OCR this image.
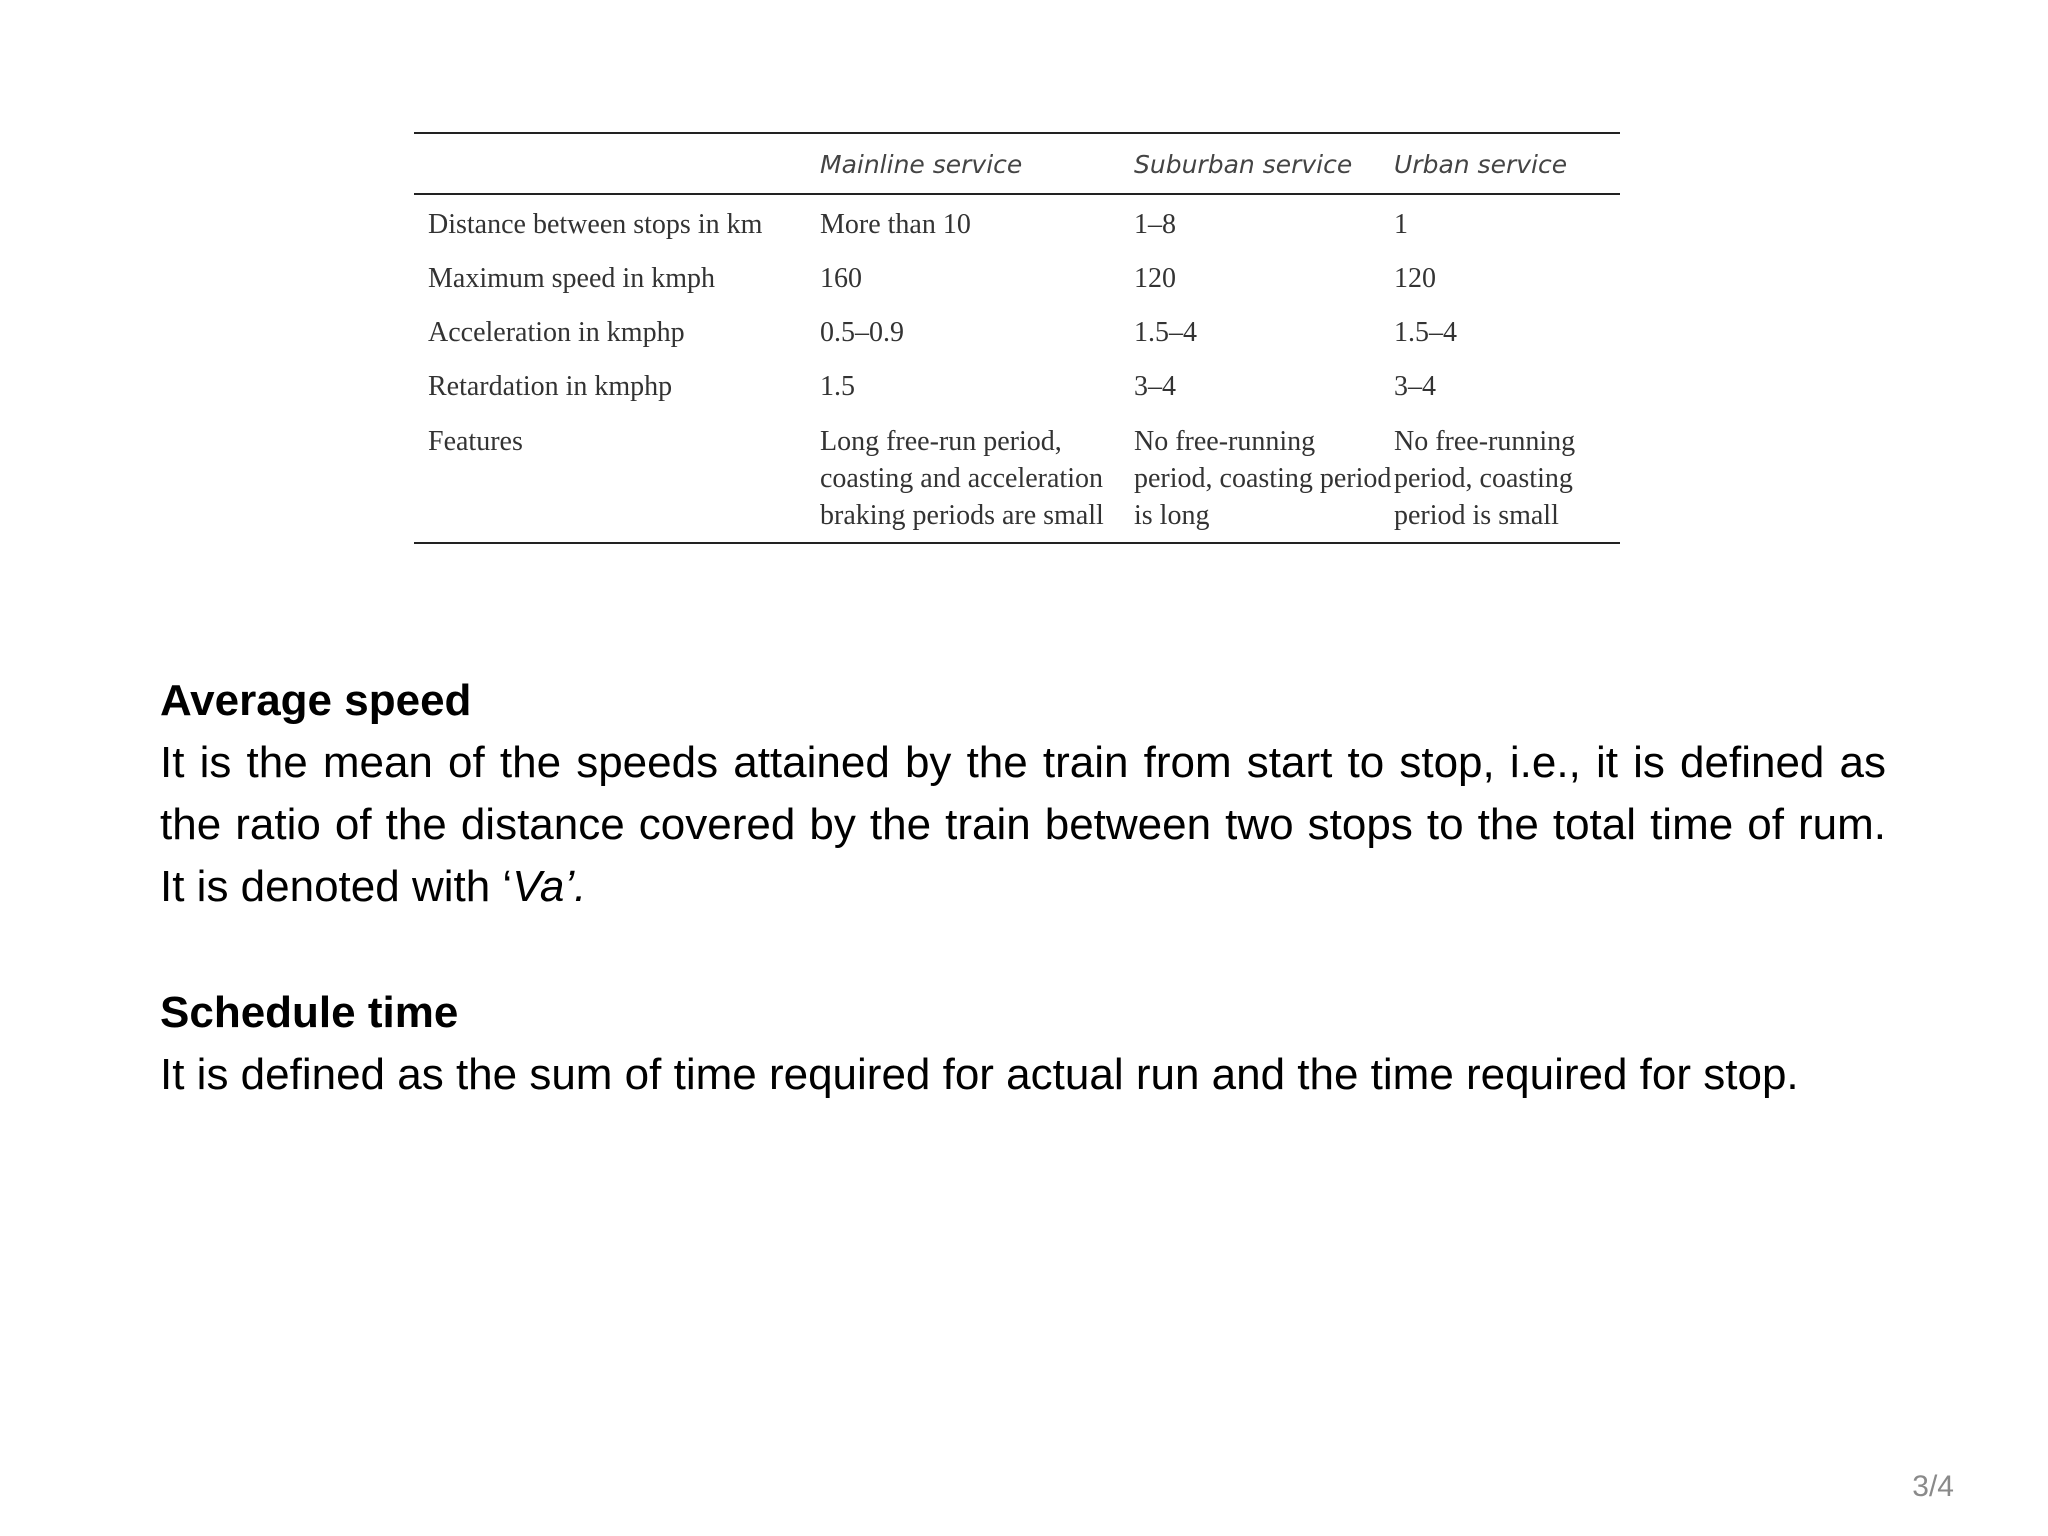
	Mainline service	Suburban service	Urban service
Distance between stops in km	More than 10	1–8	1
Maximum speed in kmph	160	120	120
Acceleration in kmphp	0.5–0.9	1.5–4	1.5–4
Retardation in kmphp	1.5	3–4	3–4
Features	Long free-run period, coasting and acceleration braking periods are small	No free-running period, coasting period is long	No free-running period, coasting period is small
Average speed

It is the mean of the speeds attained by the train from start to stop, i.e., it is defined as the ratio of the distance covered by the train between two stops to the total time of rum. It is denoted with ‘Va’.

Schedule time

It is defined as the sum of time required for actual run and the time required for stop.

3/4
